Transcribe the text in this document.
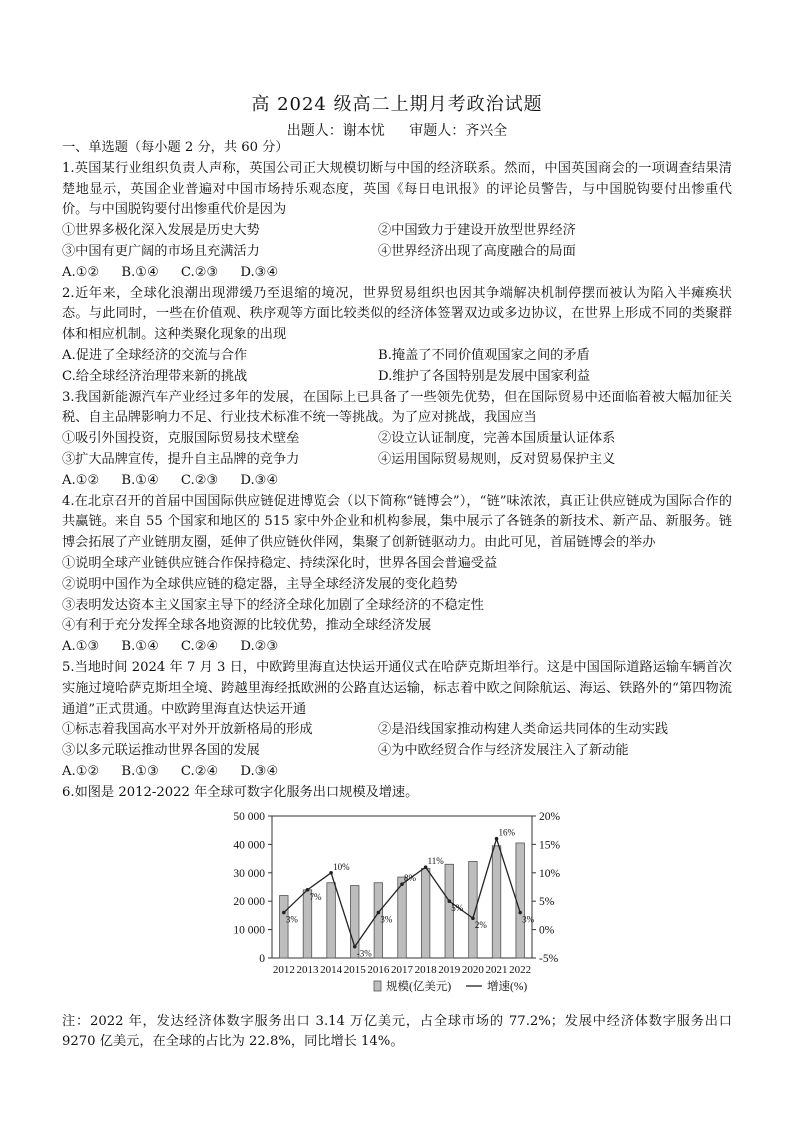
高 2024 级高二上期月考政治试题
出题人：谢本忧 审题人：齐兴全

一、单选题（每小题 2 分，共 60 分）

1.英国某行业组织负责人声称，英国公司正大规模切断与中国的经济联系。然而，中国英国商会的一项调查结果清楚地显示，英国企业普遍对中国市场持乐观态度，英国《每日电讯报》的评论员警告，与中国脱钩要付出惨重代价。与中国脱钩要付出惨重代价是因为

①世界多极化深入发展是历史大势	②中国致力于建设开放型世界经济
③中国有更广阔的市场且充满活力	④世界经济出现了高度融合的局面
A.①② B.①④ C.②③ D.③④

2.近年来，全球化浪潮出现滞缓乃至退缩的境况，世界贸易组织也因其争端解决机制停摆而被认为陷入半瘫痪状态。与此同时，一些在价值观、秩序观等方面比较类似的经济体签署双边或多边协议，在世界上形成不同的类聚群体和相应机制。这种类聚化现象的出现

A.促进了全球经济的交流与合作	B.掩盖了不同价值观国家之间的矛盾
C.给全球经济治理带来新的挑战	D.维护了各国特别是发展中国家利益

3.我国新能源汽车产业经过多年的发展，在国际上已具备了一些领先优势，但在国际贸易中还面临着被大幅加征关税、自主品牌影响力不足、行业技术标准不统一等挑战。为了应对挑战，我国应当

①吸引外国投资，克服国际贸易技术壁垒	②设立认证制度，完善本国质量认证体系
③扩大品牌宣传，提升自主品牌的竞争力	④运用国际贸易规则，反对贸易保护主义
A.①② B.①④ C.②③ D.③④

4.在北京召开的首届中国国际供应链促进博览会（以下简称“链博会”），“链”味浓浓，真正让供应链成为国际合作的共赢链。来自 55 个国家和地区的 515 家中外企业和机构参展，集中展示了各链条的新技术、新产品、新服务。链博会拓展了产业链朋友圈，延伸了供应链伙伴网，集聚了创新链驱动力。由此可见，首届链博会的举办

①说明全球产业链供应链合作保持稳定、持续深化时，世界各国会普遍受益

②说明中国作为全球供应链的稳定器，主导全球经济发展的变化趋势

③表明发达资本主义国家主导下的经济全球化加剧了全球经济的不稳定性

④有利于充分发挥全球各地资源的比较优势，推动全球经济发展

A.①③ B.①④ C.②④ D.②③

5.当地时间 2024 年 7 月 3 日，中欧跨里海直达快运开通仪式在哈萨克斯坦举行。这是中国国际道路运输车辆首次实施过境哈萨克斯坦全境、跨越里海经抵欧洲的公路直达运输，标志着中欧之间除航运、海运、铁路外的“第四物流通道”正式贯通。中欧跨里海直达快运开通

①标志着我国高水平对外开放新格局的形成	②是沿线国家推动构建人类命运共同体的生动实践
③以多元联运推动世界各国的发展	④为中欧经贸合作与经济发展注入了新动能
A.①② B.①③ C.②④ D.③④

6.如图是 2012-2022 年全球可数字化服务出口规模及增速。

0
10 000
20 000
30 000
40 000
50 000
-5%
0%
5%
10%
15%
20%
3%
7%
10%
-3%
3%
8%
11%
5%
2%
16%
3%
2012 2013 2014 2015 2016 2017 2018 2019 2020 2021 2022
规模(亿美元)	增速(%)

注：2022 年，发达经济体数字服务出口 3.14 万亿美元，占全球市场的 77.2%；发展中经济体数字服务出口 9270 亿美元，在全球的占比为 22.8%，同比增长 14%。
